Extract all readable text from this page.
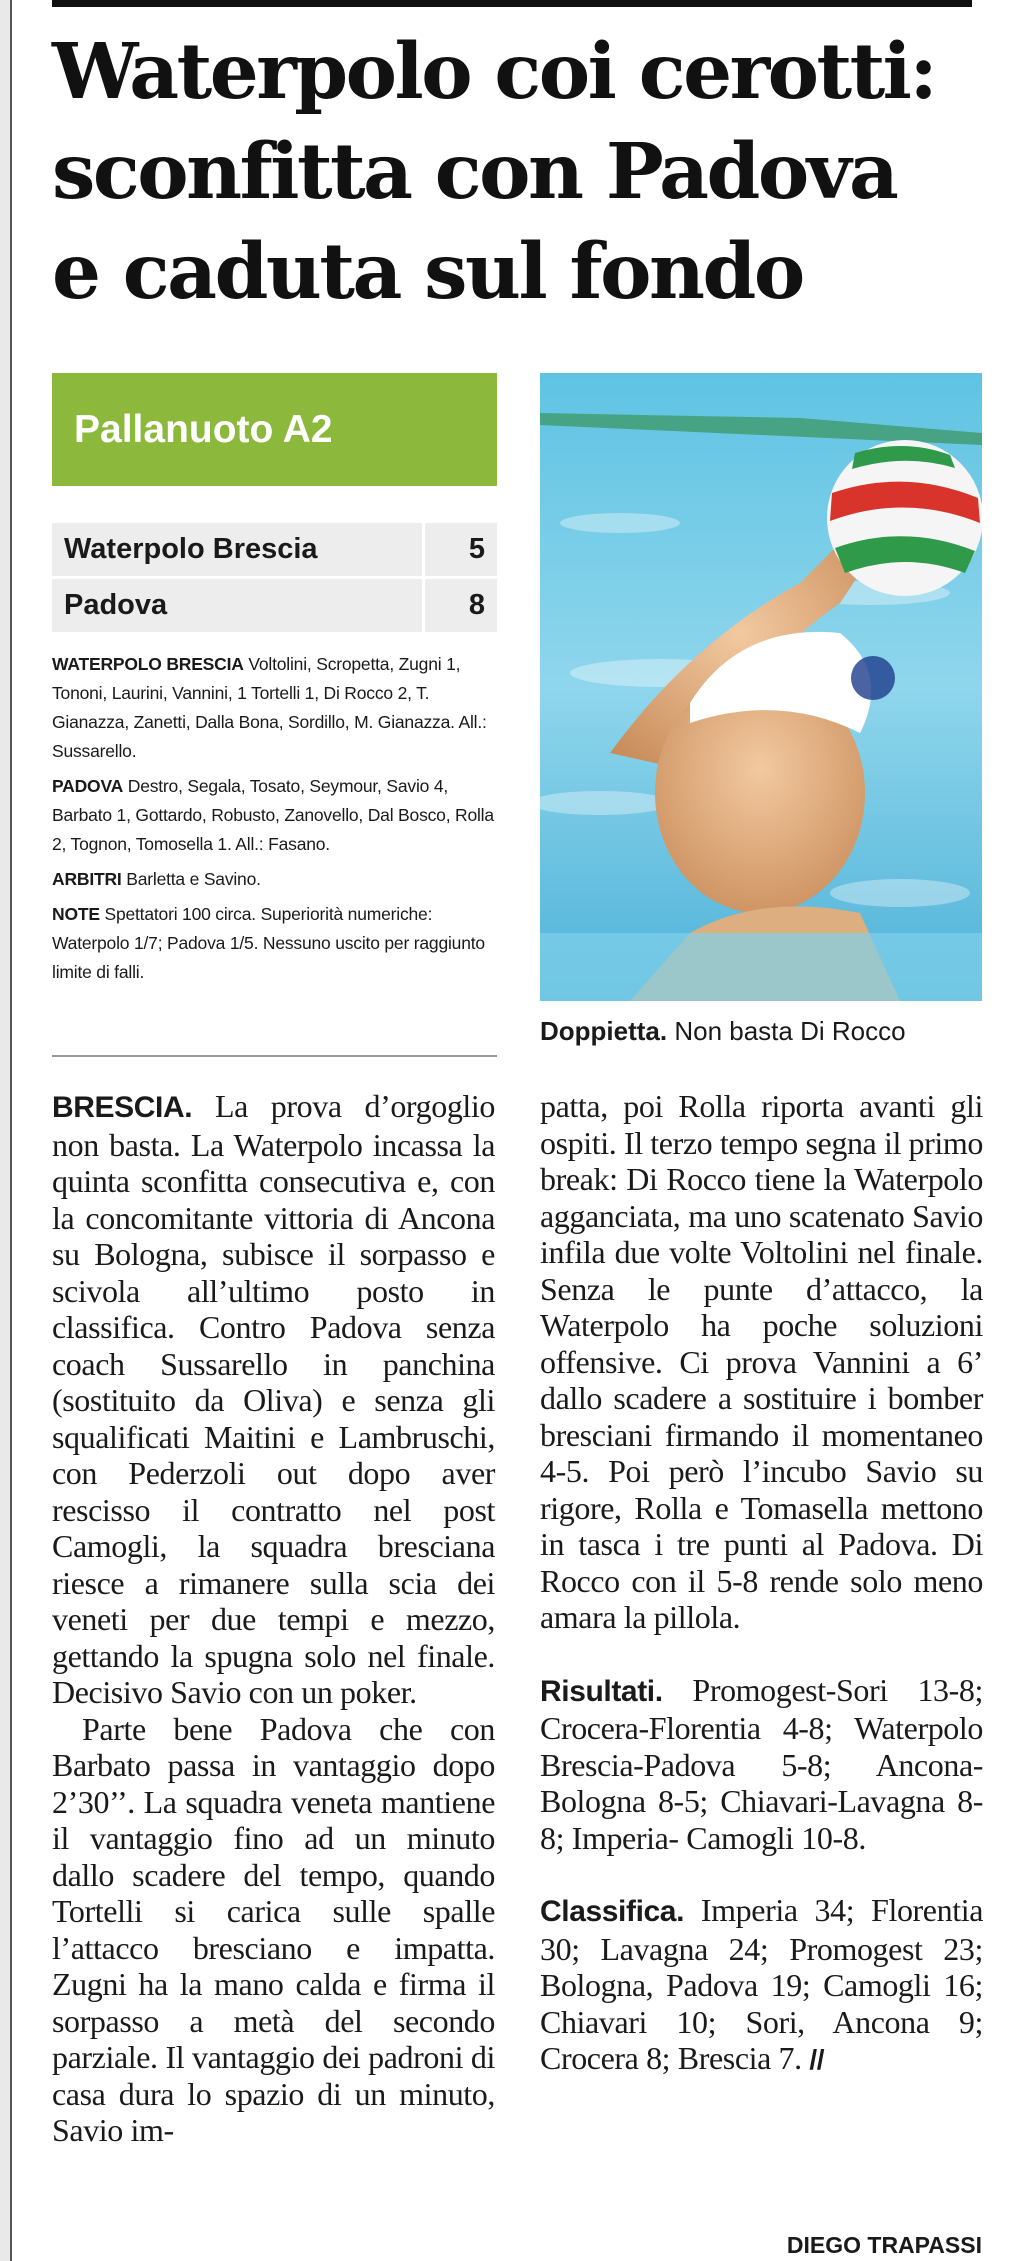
Waterpolo coi cerotti:
sconfitta con Padova
e caduta sul fondo
Pallanuoto A2
Waterpolo Brescia	5
Padova	8

WATERPOLO BRESCIA Voltolini, Scropetta, Zugni 1, Tononi, Laurini, Vannini, 1 Tortelli 1, Di Rocco 2, T. Gianazza, Zanetti, Dalla Bona, Sordillo, M. Gianazza. All.: Sussarello.

PADOVA Destro, Segala, Tosato, Seymour, Savio 4, Barbato 1, Gottardo, Robusto, Zanovello, Dal Bosco, Rolla 2, Tognon, Tomosella 1. All.: Fasano.

ARBITRI Barletta e Savino.

NOTE Spettatori 100 circa. Superiorità numeriche: Waterpolo 1/7; Padova 1/5. Nessuno uscito per raggiunto limite di falli.

Doppietta. Non basta Di Rocco

BRESCIA. La prova d’orgoglio non basta. La Waterpolo incassa la quinta sconfitta consecutiva e, con la concomitante vittoria di Ancona su Bologna, subisce il sorpasso e scivola all’ultimo posto in classifica. Contro Padova senza coach Sussarello in panchina (sostituito da Oliva) e senza gli squalificati Maitini e Lambruschi, con Pederzoli out dopo aver rescisso il contratto nel post Camogli, la squadra bresciana riesce a rimanere sulla scia dei veneti per due tempi e mezzo, gettando la spugna solo nel finale. Decisivo Savio con un poker.

Parte bene Padova che con Barbato passa in vantaggio dopo 2’30’’. La squadra veneta mantiene il vantaggio fino ad un minuto dallo scadere del tempo, quando Tortelli si carica sulle spalle l’attacco bresciano e impatta. Zugni ha la mano calda e firma il sorpasso a metà del secondo parziale. Il vantaggio dei padroni di casa dura lo spazio di un minuto, Savio im-

patta, poi Rolla riporta avanti gli ospiti. Il terzo tempo segna il primo break: Di Rocco tiene la Waterpolo agganciata, ma uno scatenato Savio infila due volte Voltolini nel finale. Senza le punte d’attacco, la Waterpolo ha poche soluzioni offensive. Ci prova Vannini a 6’ dallo scadere a sostituire i bomber bresciani firmando il momentaneo 4-5. Poi però l’incubo Savio su rigore, Rolla e Tomasella mettono in tasca i tre punti al Padova. Di Rocco con il 5-8 rende solo meno amara la pillola.

Risultati. Promogest-Sori 13-8; Crocera-Florentia 4-8; Waterpolo Brescia-Padova 5-8; Ancona-Bologna 8-5; Chiavari-Lavagna 8-8; Imperia- Camogli 10-8.

Classifica. Imperia 34; Florentia 30; Lavagna 24; Promogest 23; Bologna, Padova 19; Camogli 16; Chiavari 10; Sori, Ancona 9; Crocera 8; Brescia 7. //

DIEGO TRAPASSI
